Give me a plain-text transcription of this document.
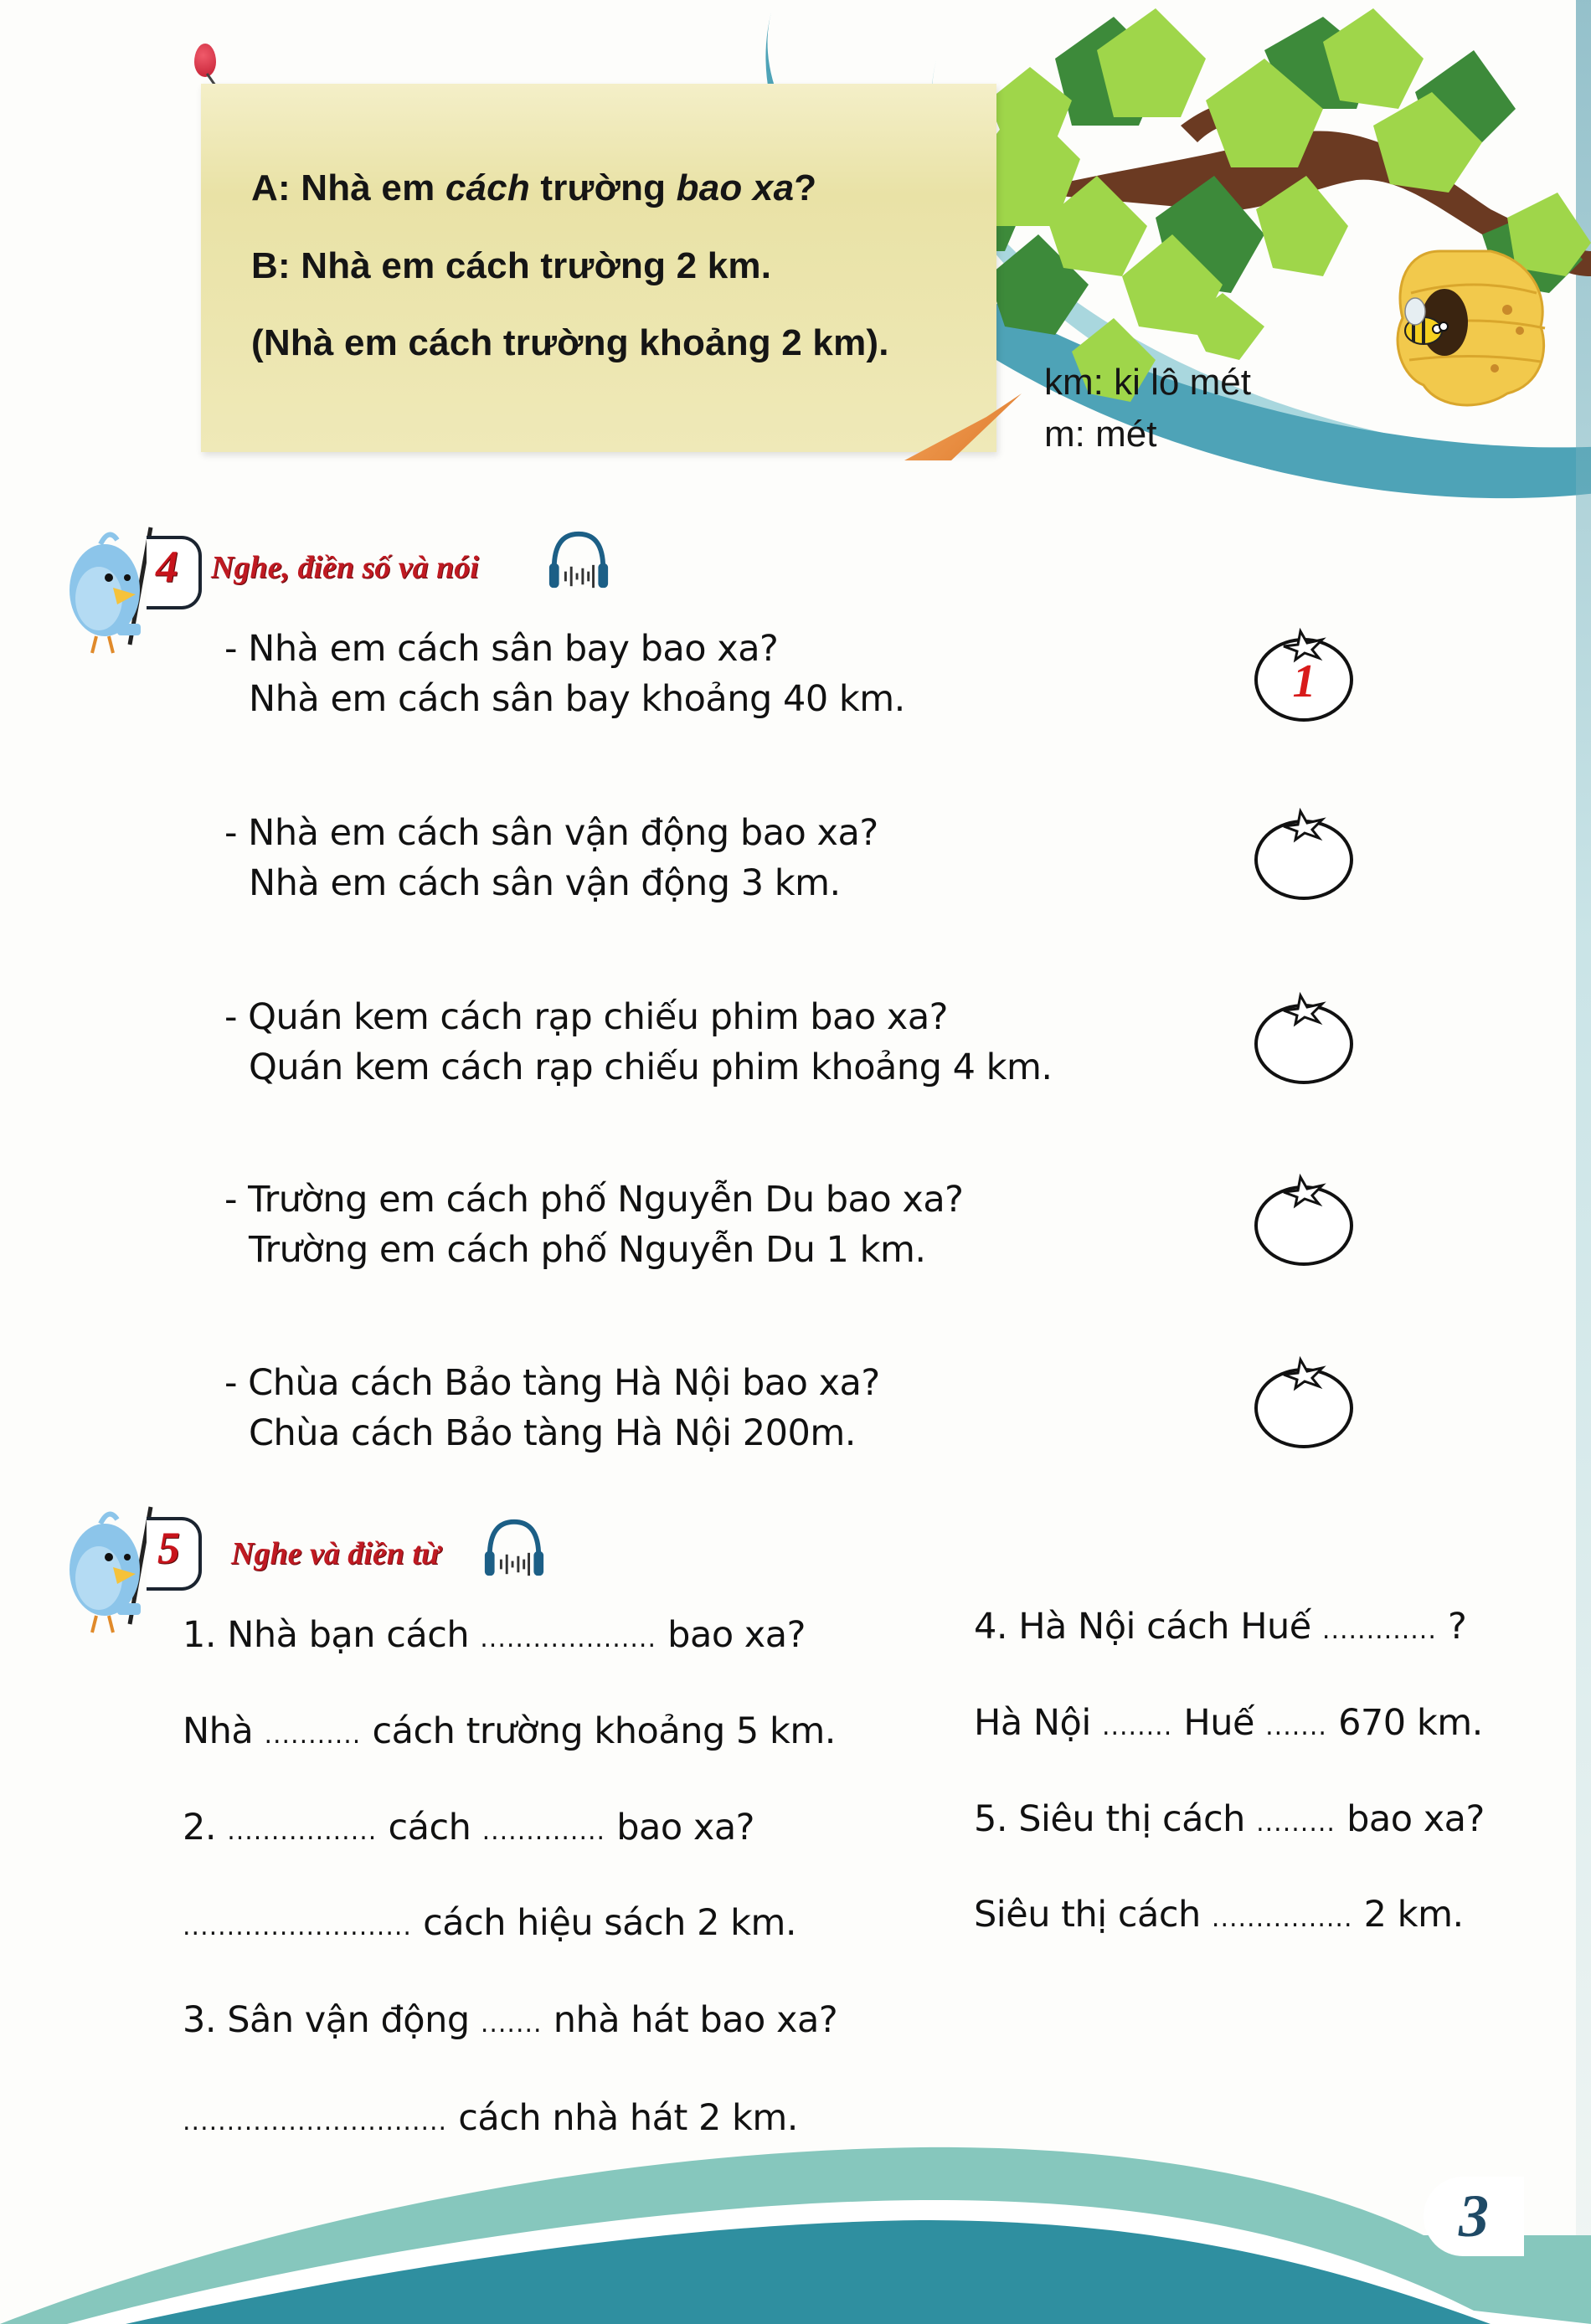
A: Nhà em cách trường bao xa?
B: Nhà em cách trường 2 km.
(Nhà em cách trường khoảng 2 km).
km: ki lô mét
m: mét
4 Nghe, điền số và nói
- Nhà em cách sân bay bao xa?
Nhà em cách sân bay khoảng 40 km.
- Nhà em cách sân vận động bao xa?
Nhà em cách sân vận động 3 km.
- Quán kem cách rạp chiếu phim bao xa?
Quán kem cách rạp chiếu phim khoảng 4 km.
- Trường em cách phố Nguyễn Du bao xa?
Trường em cách phố Nguyễn Du 1 km.
- Chùa cách Bảo tàng Hà Nội bao xa?
Chùa cách Bảo tàng Hà Nội 200m.
1
5 Nghe và điền từ
1. Nhà bạn cách .................... bao xa?
Nhà ........... cách trường khoảng 5 km.
2. ................. cách .............. bao xa?
.......................... cách hiệu sách 2 km.
3. Sân vận động ....... nhà hát bao xa?
.............................. cách nhà hát 2 km.
4. Hà Nội cách Huế ............. ?
Hà Nội ........ Huế ....... 670 km.
5. Siêu thị cách ......... bao xa?
Siêu thị cách ................ 2 km.
3
